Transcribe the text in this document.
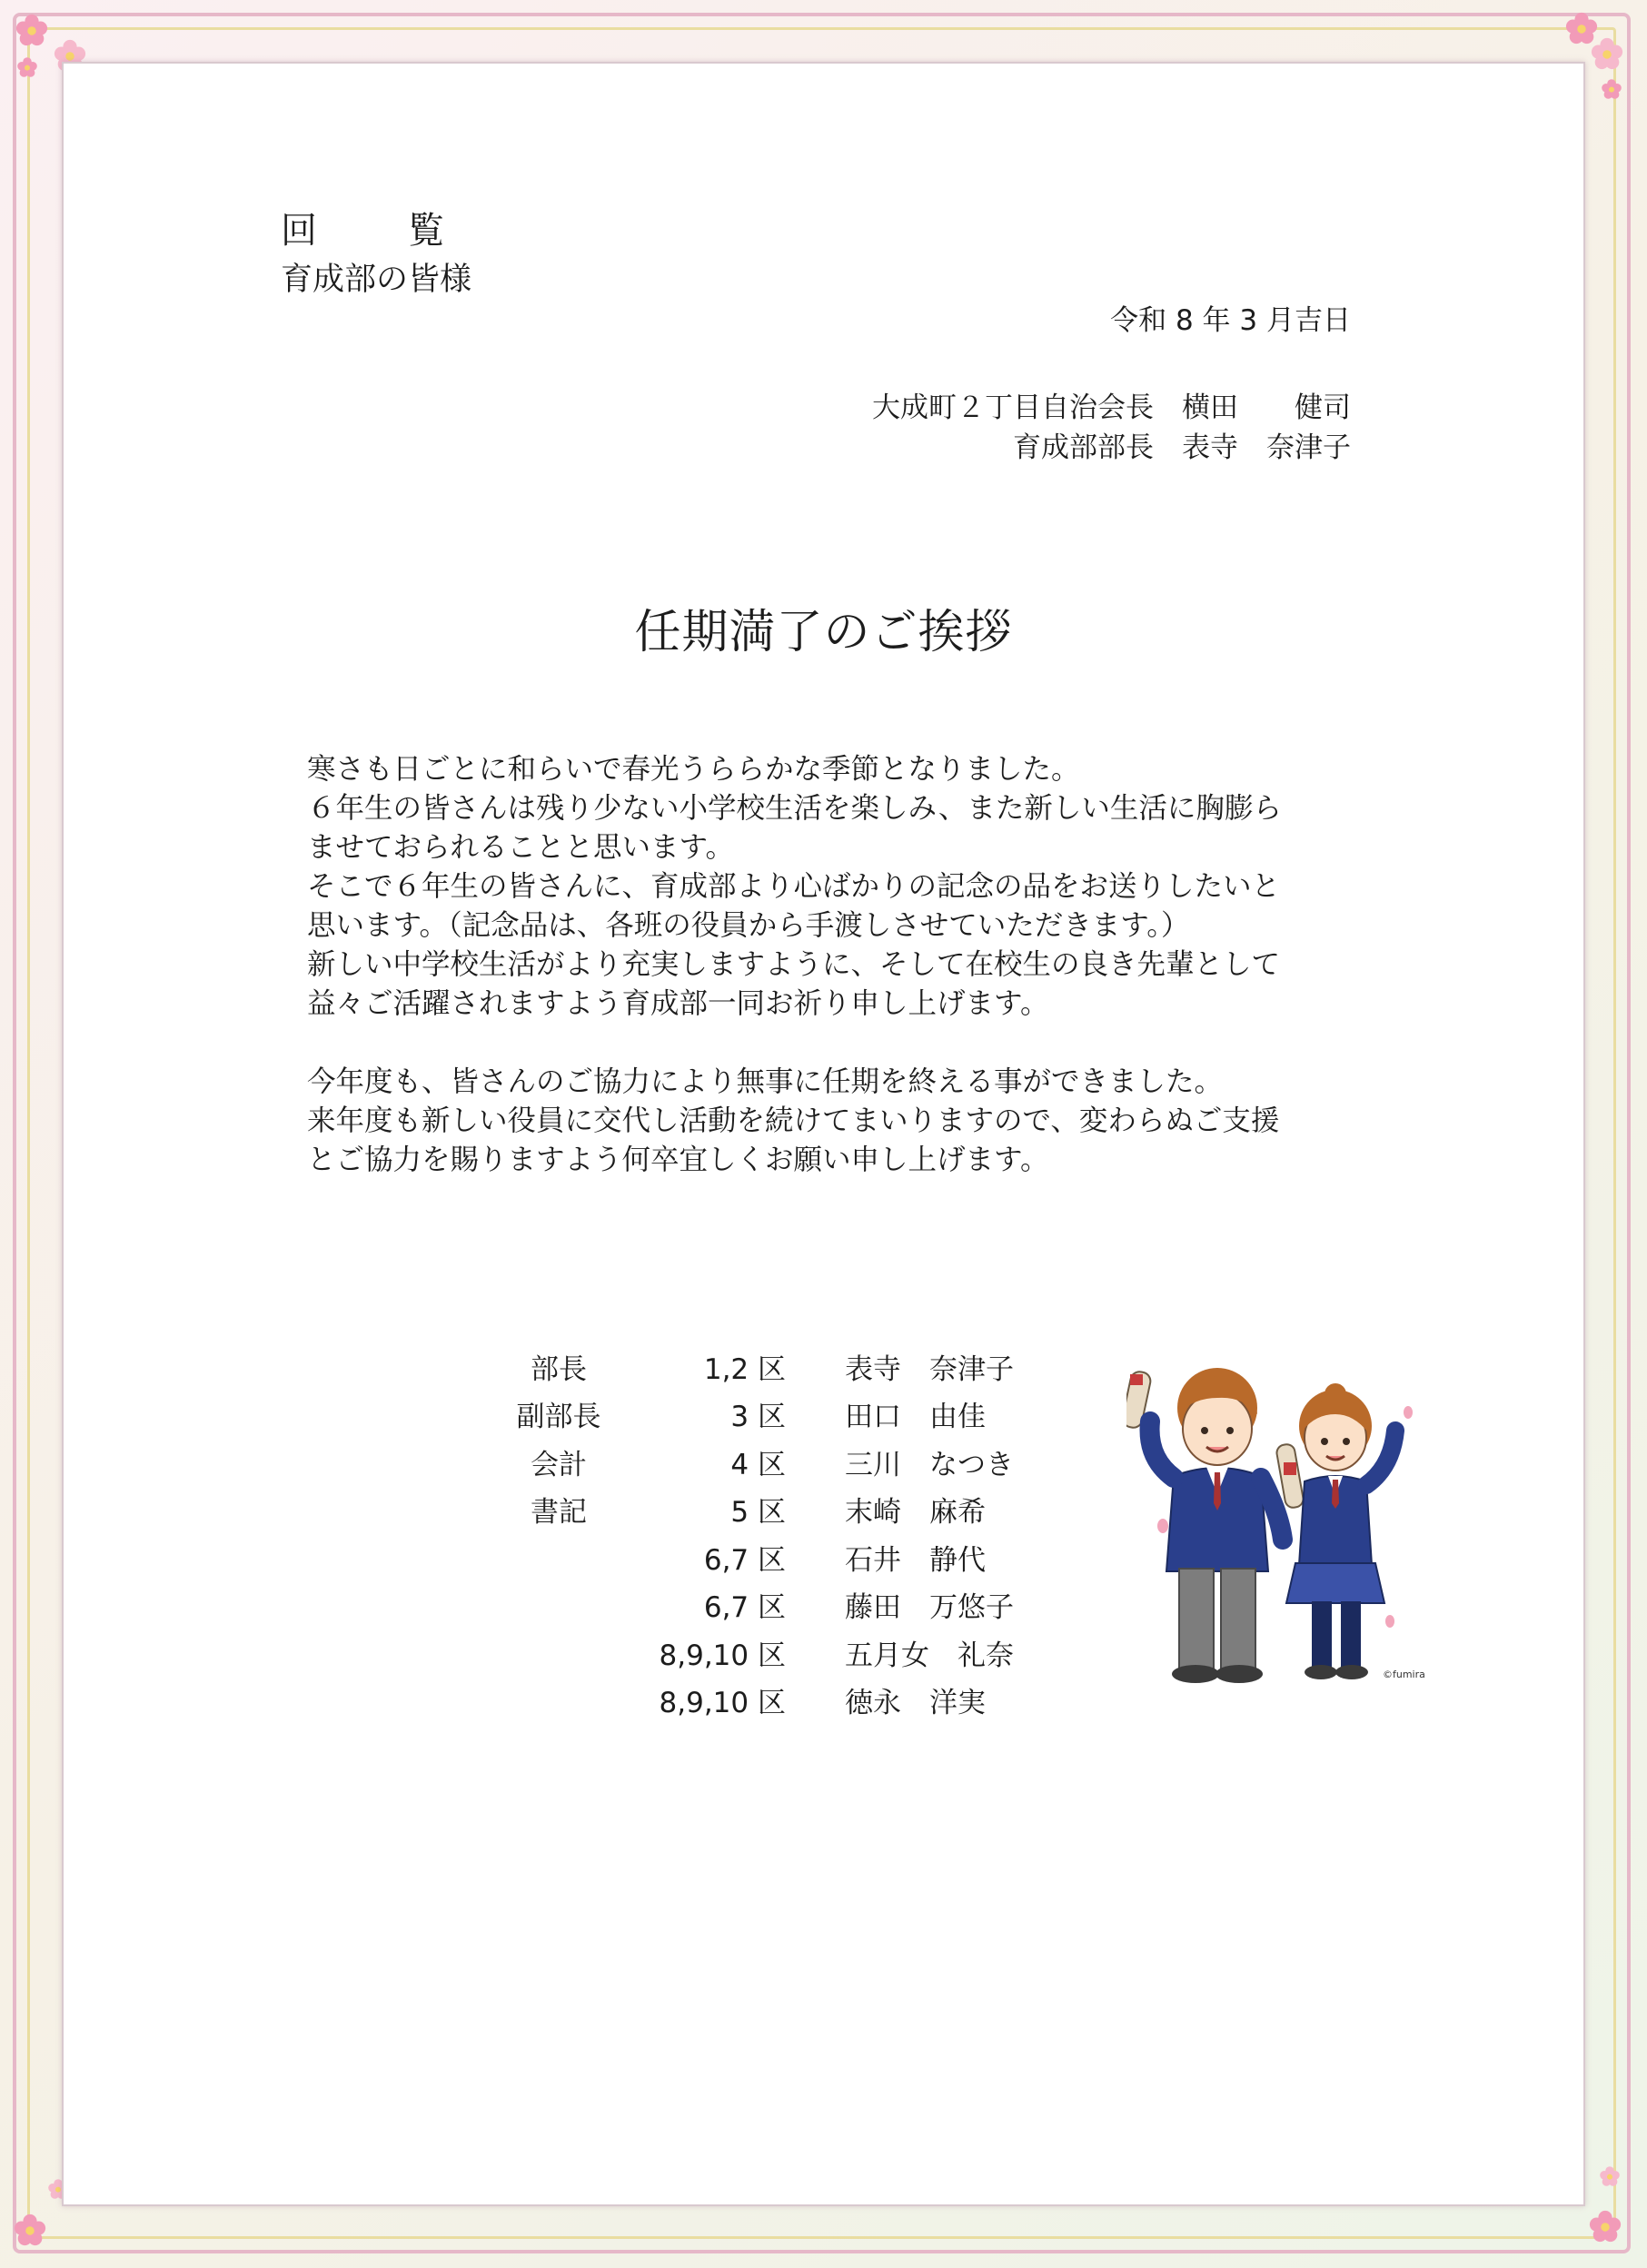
回	覧
育成部の皆様
令和 8 年 3 月吉日
大成町２丁目自治会長　横田　　健司
育成部部長　表寺　奈津子
任期満了のご挨拶

寒さも日ごとに和らいで春光うららかな季節となりました。

６年生の皆さんは残り少ない小学校生活を楽しみ、また新しい生活に胸膨ら

ませておられることと思います。

そこで６年生の皆さんに、育成部より心ばかりの記念の品をお送りしたいと

思います。（記念品は、各班の役員から手渡しさせていただきます。）

新しい中学校生活がより充実しますように、そして在校生の良き先輩として

益々ご活躍されますよう育成部一同お祈り申し上げます。

今年度も、皆さんのご協力により無事に任期を終える事ができました。

来年度も新しい役員に交代し活動を続けてまいりますので、変わらぬご支援

とご協力を賜りますよう何卒宜しくお願い申し上げます。

部長	1,2 区	表寺　奈津子
副部長	3 区	田口　由佳
会計	4 区	三川　なつき
書記	5 区	末崎　麻希
	6,7 区	石井　静代
	6,7 区	藤田　万悠子
	8,9,10 区	五月女　礼奈
	8,9,10 区	徳永　洋実
©fumira
